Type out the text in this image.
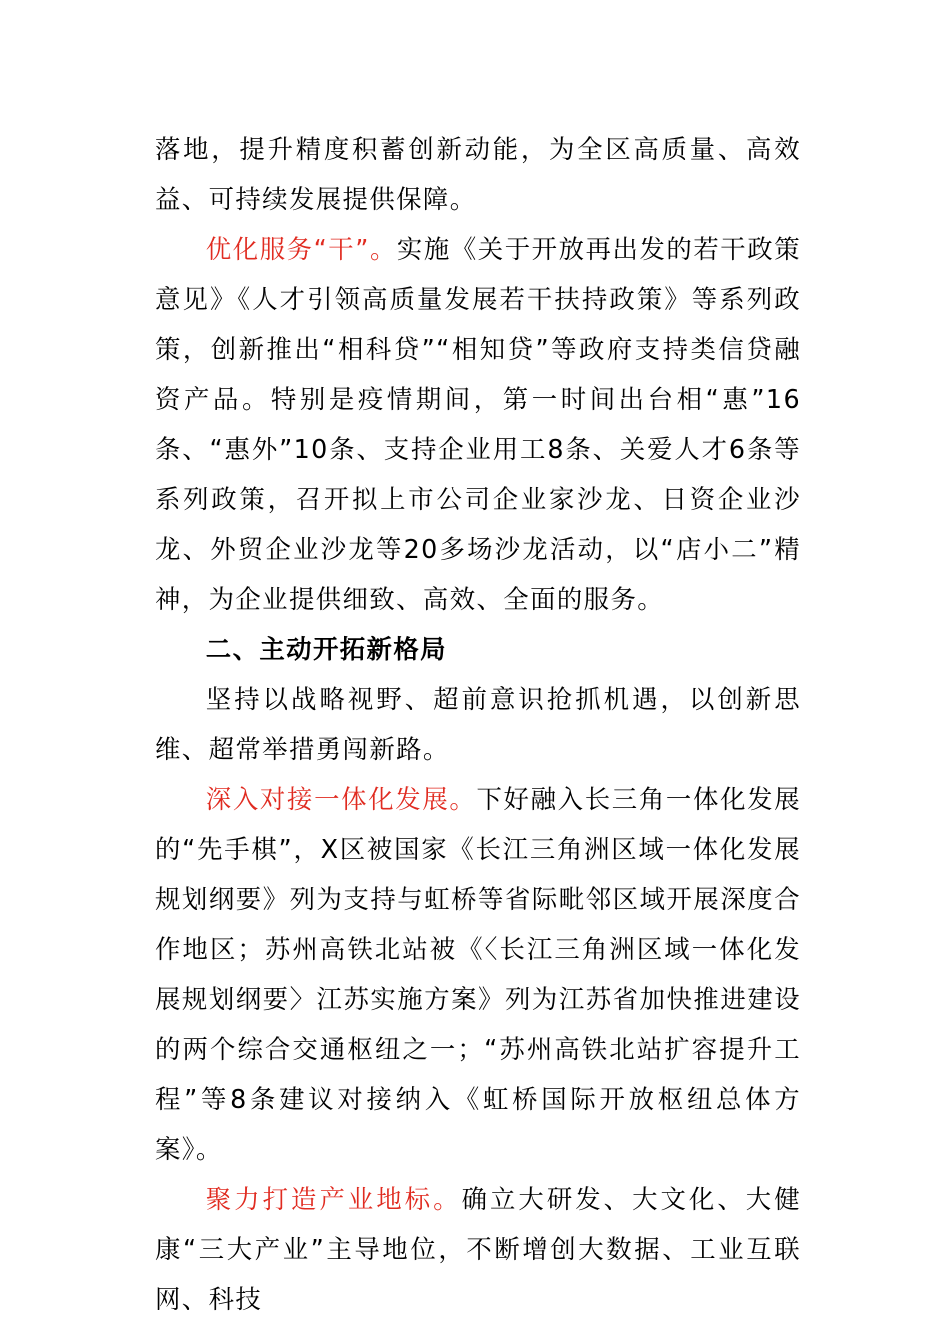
落地，提升精度积蓄创新动能，为全区高质量、高效益、可持续发展提供保障。

优化服务“干”。实施《关于开放再出发的若干政策意见》《人才引领高质量发展若干扶持政策》等系列政策，创新推出“相科贷”“相知贷”等政府支持类信贷融资产品。特别是疫情期间，第一时间出台相“惠”16条、“惠外”10条、支持企业用工8条、关爱人才6条等系列政策，召开拟上市公司企业家沙龙、日资企业沙龙、外贸企业沙龙等20多场沙龙活动，以“店小二”精神，为企业提供细致、高效、全面的服务。

二、主动开拓新格局

坚持以战略视野、超前意识抢抓机遇，以创新思维、超常举措勇闯新路。

深入对接一体化发展。下好融入长三角一体化发展的“先手棋”，X区被国家《长江三角洲区域一体化发展规划纲要》列为支持与虹桥等省际毗邻区域开展深度合作地区；苏州高铁北站被《〈长江三角洲区域一体化发展规划纲要〉江苏实施方案》列为江苏省加快推进建设的两个综合交通枢纽之一；“苏州高铁北站扩容提升工程”等8条建议对接纳入《虹桥国际开放枢纽总体方案》。

聚力打造产业地标。确立大研发、大文化、大健康“三大产业”主导地位，不断增创大数据、工业互联网、科技
